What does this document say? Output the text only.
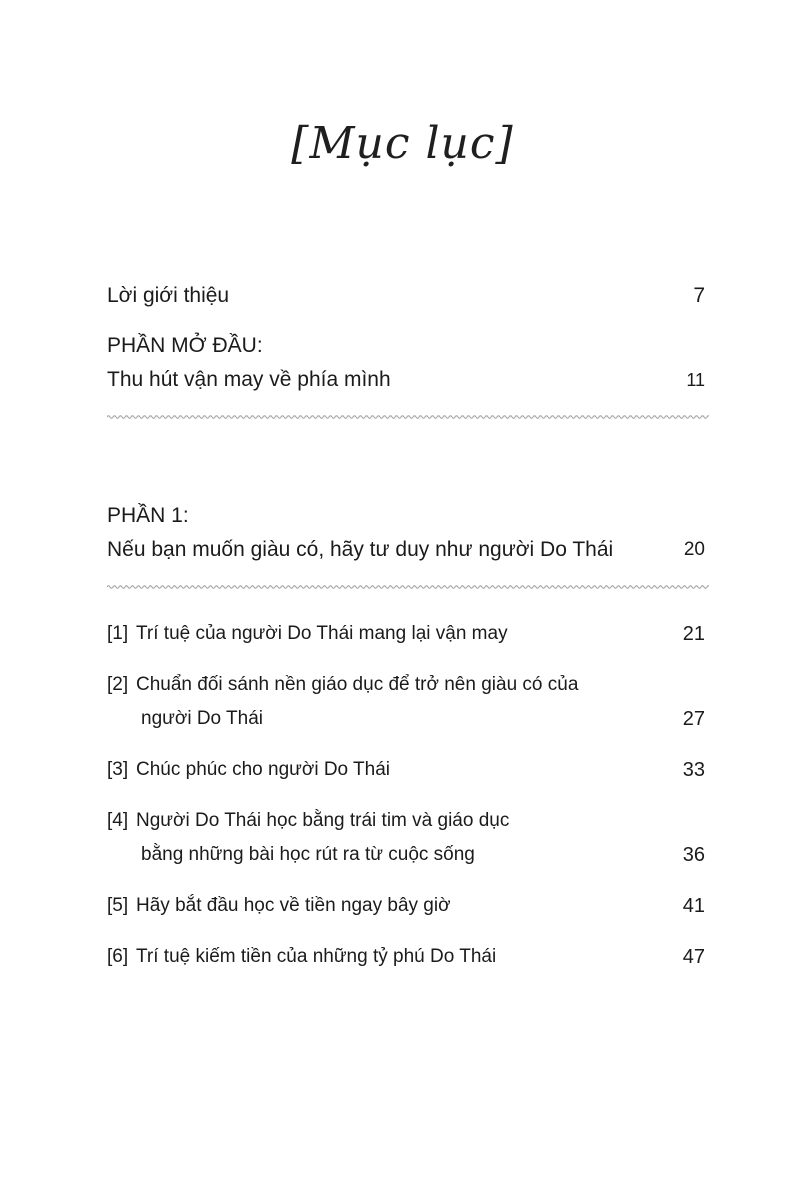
[Mục lục]
Lời giới thiệu	7
PHẦN MỞ ĐẦU:
Thu hút vận may về phía mình	11
PHẦN 1:
Nếu bạn muốn giàu có, hãy tư duy như người Do Thái	20
[1] Trí tuệ của người Do Thái mang lại vận may	21
[2] Chuẩn đối sánh nền giáo dục để trở nên giàu có của
người Do Thái	27
[3] Chúc phúc cho người Do Thái	33
[4] Người Do Thái học bằng trái tim và giáo dục
bằng những bài học rút ra từ cuộc sống	36
[5] Hãy bắt đầu học về tiền ngay bây giờ	41
[6] Trí tuệ kiếm tiền của những tỷ phú Do Thái	47
